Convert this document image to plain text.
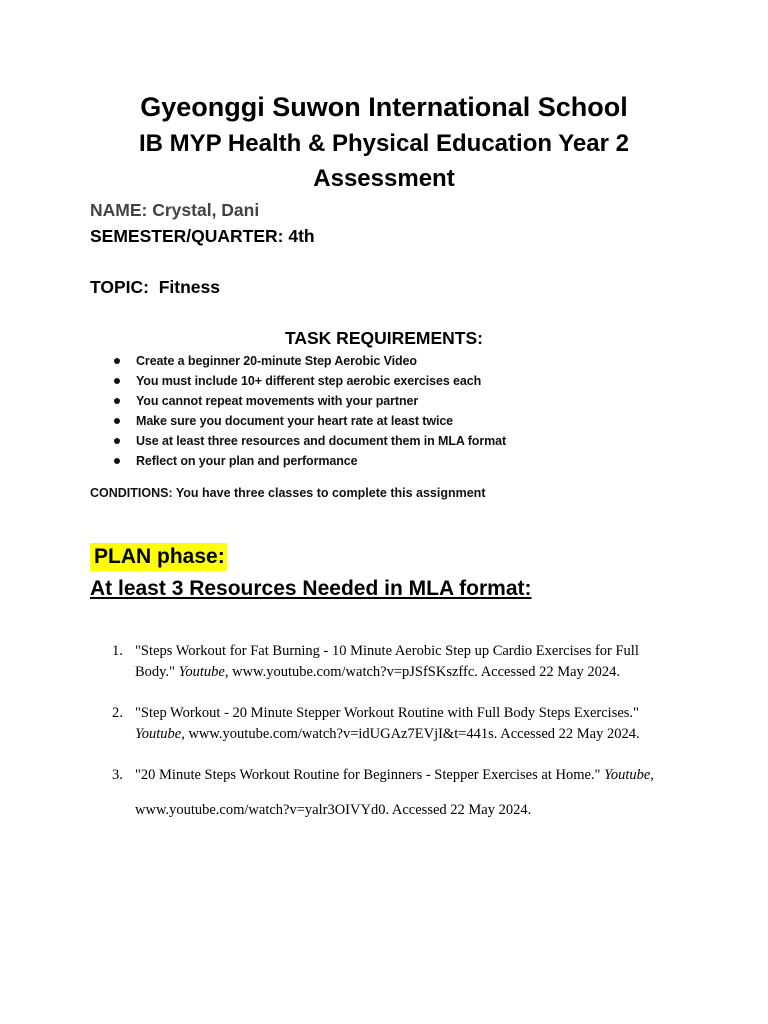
Gyeonggi Suwon International School
IB MYP Health & Physical Education Year 2
Assessment

NAME: Crystal, Dani

SEMESTER/QUARTER: 4th

TOPIC: Fitness

TASK REQUIREMENTS:
Create a beginner 20-minute Step Aerobic Video
You must include 10+ different step aerobic exercises each
You cannot repeat movements with your partner
Make sure you document your heart rate at least twice
Use at least three resources and document them in MLA format
Reflect on your plan and performance

CONDITIONS: You have three classes to complete this assignment

PLAN phase:

At least 3 Resources Needed in MLA format:

1. "Steps Workout for Fat Burning - 10 Minute Aerobic Step up Cardio Exercises for Full Body." Youtube, www.youtube.com/watch?v=pJSfSKszffc. Accessed 22 May 2024.
2. "Step Workout - 20 Minute Stepper Workout Routine with Full Body Steps Exercises." Youtube, www.youtube.com/watch?v=idUGAz7EVjI&t=441s. Accessed 22 May 2024.
3. "20 Minute Steps Workout Routine for Beginners - Stepper Exercises at Home." Youtube,
www.youtube.com/watch?v=yalr3OIVYd0. Accessed 22 May 2024.
